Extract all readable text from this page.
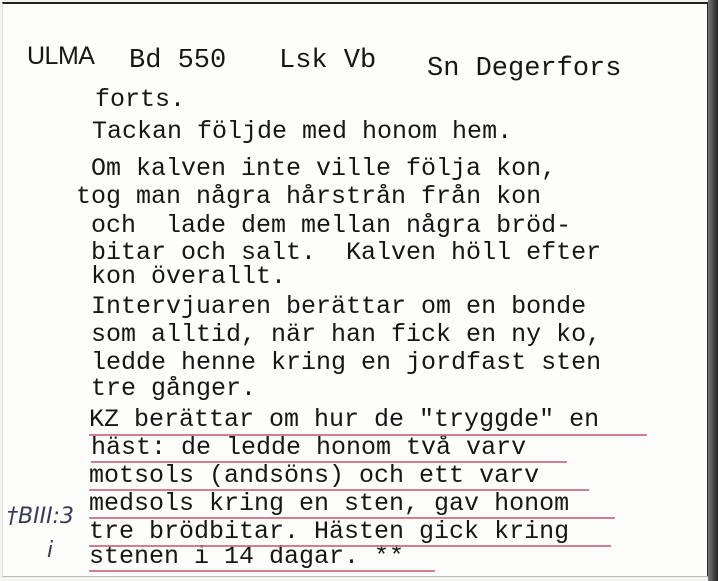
ULMA Bd 550 Lsk Vb Sn Degerfors
forts.
Tackan följde med honom hem.
Om kalven inte ville följa kon,
tog man några hårstrån från kon
och  lade dem mellan några bröd-
bitar och salt.  Kalven höll efter
kon överallt.
Intervjuaren berättar om en bonde
som alltid, när han fick en ny ko,
ledde henne kring en jordfast sten
tre gånger.
KZ berättar om hur de "tryggde" en
häst: de ledde honom två varv
motsols (andsöns) och ett varv
medsols kring en sten, gav honom
tre brödbitar. Hästen gick kring
stenen i 14 dagar. **
†BIII:3
i
